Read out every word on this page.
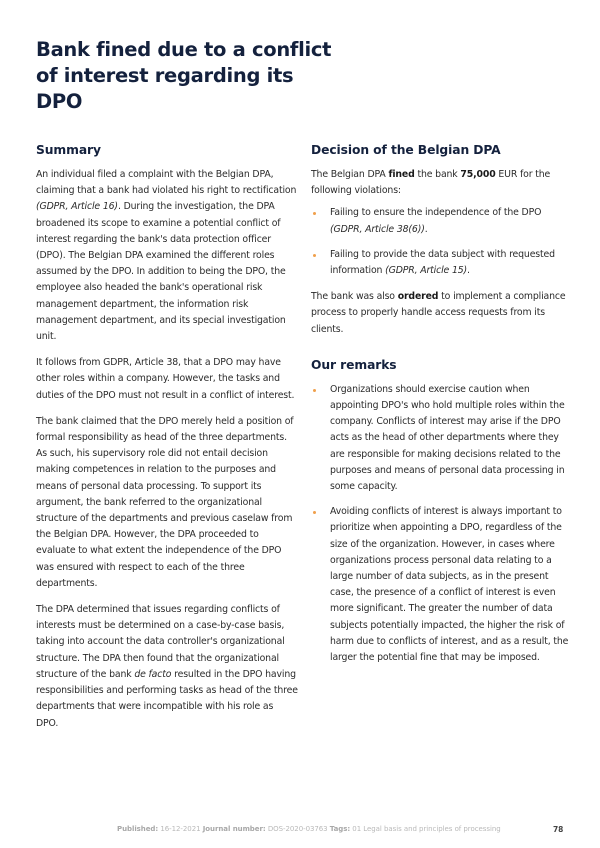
Bank fined due to a conflict of interest regarding its DPO
Summary

An individual filed a complaint with the Belgian DPA, claiming that a bank had violated his right to rectification (GDPR, Article 16). During the investigation, the DPA broadened its scope to examine a potential conflict of interest regarding the bank's data protection officer (DPO). The Belgian DPA examined the different roles assumed by the DPO. In addition to being the DPO, the employee also headed the bank's operational risk management department, the information risk management department, and its special investigation unit.

It follows from GDPR, Article 38, that a DPO may have other roles within a company. However, the tasks and duties of the DPO must not result in a conflict of interest.

The bank claimed that the DPO merely held a position of formal responsibility as head of the three departments. As such, his supervisory role did not entail decision making competences in relation to the purposes and means of personal data processing. To support its argument, the bank referred to the organizational structure of the departments and previous caselaw from the Belgian DPA. However, the DPA proceeded to evaluate to what extent the independence of the DPO was ensured with respect to each of the three departments.

The DPA determined that issues regarding conflicts of interests must be determined on a case-by-case basis, taking into account the data controller's organizational structure. The DPA then found that the organizational structure of the bank de facto resulted in the DPO having responsibilities and performing tasks as head of the three departments that were incompatible with his role as DPO.

Decision of the Belgian DPA

The Belgian DPA fined the bank 75,000 EUR for the following violations:

Failing to ensure the independence of the DPO (GDPR, Article 38(6)).
Failing to provide the data subject with requested information (GDPR, Article 15).

The bank was also ordered to implement a compliance process to properly handle access requests from its clients.

Our remarks
Organizations should exercise caution when appointing DPO's who hold multiple roles within the company. Conflicts of interest may arise if the DPO acts as the head of other departments where they are responsible for making decisions related to the purposes and means of personal data processing in some capacity.
Avoiding conflicts of interest is always important to prioritize when appointing a DPO, regardless of the size of the organization. However, in cases where organizations process personal data relating to a large number of data subjects, as in the present case, the presence of a conflict of interest is even more significant. The greater the number of data subjects potentially impacted, the higher the risk of harm due to conflicts of interest, and as a result, the larger the potential fine that may be imposed.
Published: 16-12-2021 Journal number: DOS-2020-03763 Tags: 01 Legal basis and principles of processing	78
